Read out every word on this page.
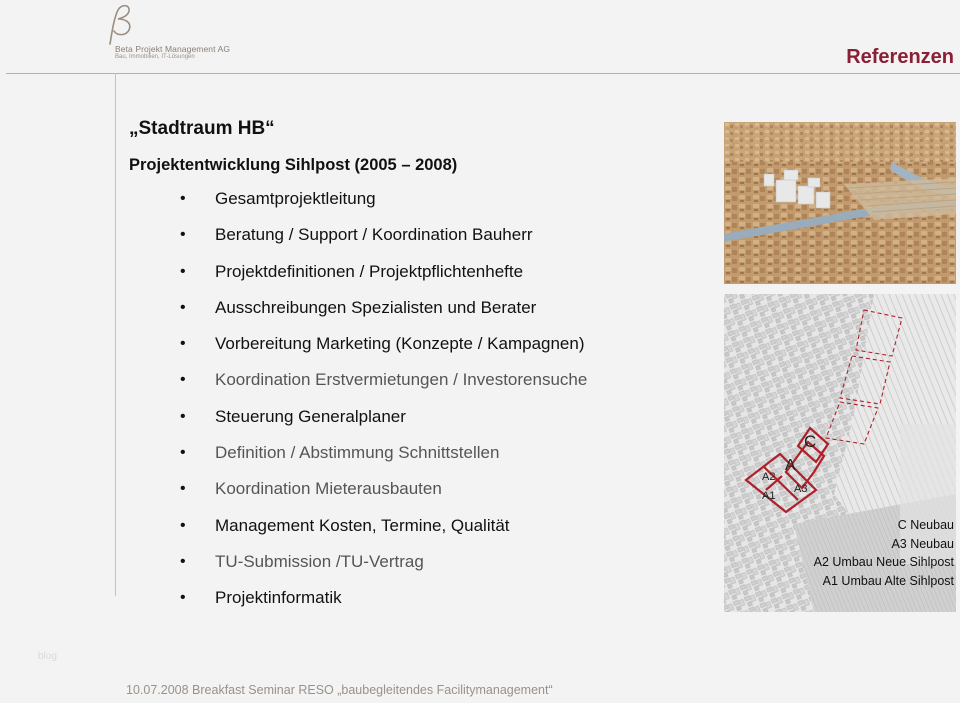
Beta Projekt Management AG
Bau, Immobilien, IT-Lösungen	Referenzen
„Stadtraum HB“
Projektentwicklung Sihlpost (2005 – 2008)
• Gesamtprojektleitung
• Beratung / Support / Koordination Bauherr
• Projektdefinitionen / Projektpflichtenhefte
• Ausschreibungen Spezialisten und Berater
• Vorbereitung Marketing (Konzepte / Kampagnen)
• Koordination Erstvermietungen / Investorensuche
• Steuerung Generalplaner
• Definition / Abstimmung Schnittstellen
• Koordination Mieterausbauten
• Management Kosten, Termine, Qualität
• TU-Submission /TU-Vertrag
• Projektinformatik
C
A
A2
A3
A1
C Neubau
A3 Neubau
A2 Umbau Neue Sihlpost
A1 Umbau Alte Sihlpost
blog
10.07.2008 Breakfast Seminar RESO „baubegleitendes Facilitymanagement“
